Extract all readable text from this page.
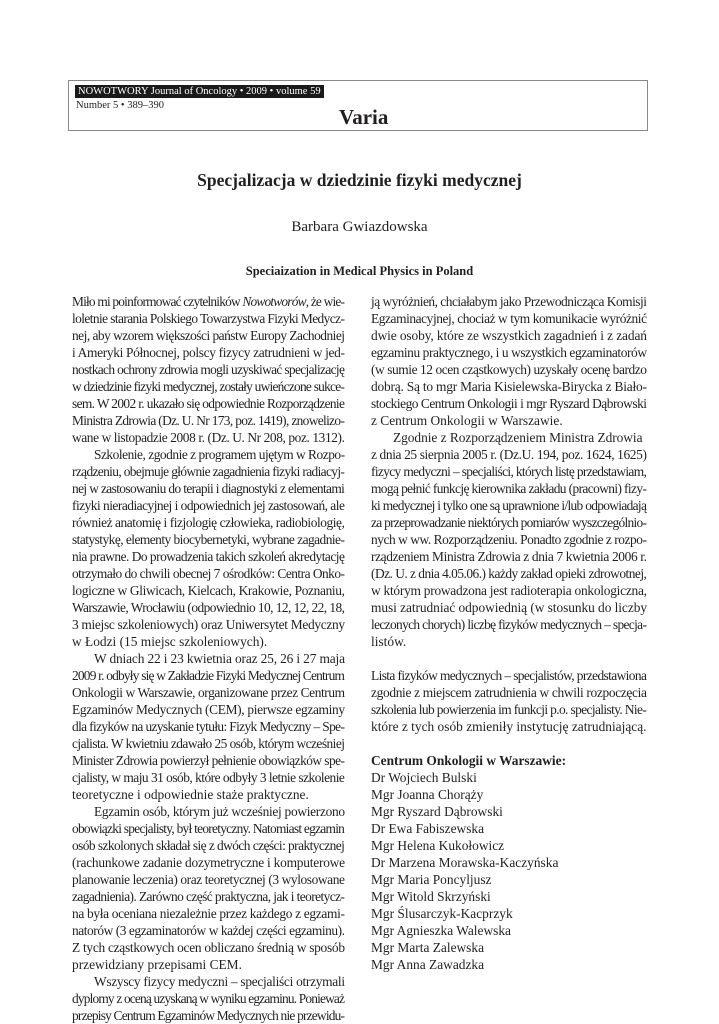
NOWOTWORY Journal of Oncology • 2009 • volume 59
Number 5 • 389–390	Varia
Specjalizacja w dziedzinie fizyki medycznej
Barbara Gwiazdowska
Speciaization in Medical Physics in Poland
Miło mi poinformować czytelników Nowotworów, że wie-
loletnie starania Polskiego Towarzystwa Fizyki Medycz-
nej, aby wzorem większości państw Europy Zachodniej
i Ameryki Północnej, polscy fizycy zatrudnieni w jed-
nostkach ochrony zdrowia mogli uzyskiwać specjalizację
w dziedzinie fizyki medycznej, zostały uwieńczone sukce-
sem. W 2002 r. ukazało się odpowiednie Rozporządzenie
Ministra Zdrowia (Dz. U. Nr 173, poz. 1419), znowelizo-
wane w listopadzie 2008 r. (Dz. U. Nr 208, poz. 1312).
Szkolenie, zgodnie z programem ujętym w Rozpo-
rządzeniu, obejmuje głównie zagadnienia fizyki radiacyj-
nej w zastosowaniu do terapii i diagnostyki z elementami
fizyki nieradiacyjnej i odpowiednich jej zastosowań, ale
również anatomię i fizjologię człowieka, radiobiologię,
statystykę, elementy biocybernetyki, wybrane zagadnie-
nia prawne. Do prowadzenia takich szkoleń akredytację
otrzymało do chwili obecnej 7 ośrodków: Centra Onko-
logiczne w Gliwicach, Kielcach, Krakowie, Poznaniu,
Warszawie, Wrocławiu (odpowiednio 10, 12, 12, 22, 18,
3 miejsc szkoleniowych) oraz Uniwersytet Medyczny
w Łodzi (15 miejsc szkoleniowych).
W dniach 22 i 23 kwietnia oraz 25, 26 i 27 maja
2009 r. odbyły się w Zakładzie Fizyki Medycznej Centrum
Onkologii w Warszawie, organizowane przez Centrum
Egzaminów Medycznych (CEM), pierwsze egzaminy
dla fizyków na uzyskanie tytułu: Fizyk Medyczny – Spe-
cjalista. W kwietniu zdawało 25 osób, którym wcześniej
Minister Zdrowia powierzył pełnienie obowiązków spe-
cjalisty, w maju 31 osób, które odbyły 3 letnie szkolenie
teoretyczne i odpowiednie staże praktyczne.
Egzamin osób, którym już wcześniej powierzono
obowiązki specjalisty, był teoretyczny. Natomiast egzamin
osób szkolonych składał się z dwóch części: praktycznej
(rachunkowe zadanie dozymetryczne i komputerowe
planowanie leczenia) oraz teoretycznej (3 wylosowane
zagadnienia). Zarówno część praktyczna, jak i teoretycz-
na była oceniana niezależnie przez każdego z egzami-
natorów (3 egzaminatorów w każdej części egzaminu).
Z tych cząstkowych ocen obliczano średnią w sposób
przewidziany przepisami CEM.
Wszyscy fizycy medyczni – specjaliści otrzymali
dyplomy z oceną uzyskaną w wyniku egzaminu. Ponieważ
przepisy Centrum Egzaminów Medycznych nie przewidu-
ją wyróżnień, chciałabym jako Przewodnicząca Komisji
Egzaminacyjnej, chociaż w tym komunikacie wyróżnić
dwie osoby, które ze wszystkich zagadnień i z zadań
egzaminu praktycznego, i u wszystkich egzaminatorów
(w sumie 12 ocen cząstkowych) uzyskały ocenę bardzo
dobrą. Są to mgr Maria Kisielewska-Birycka z Biało-
stockiego Centrum Onkologii i mgr Ryszard Dąbrowski
z Centrum Onkologii w Warszawie.
Zgodnie z Rozporządzeniem Ministra Zdrowia
z dnia 25 sierpnia 2005 r. (Dz.U. 194, poz. 1624, 1625)
fizycy medyczni – specjaliści, których listę przedstawiam,
mogą pełnić funkcję kierownika zakładu (pracowni) fizy-
ki medycznej i tylko one są uprawnione i/lub odpowiadają
za przeprowadzanie niektórych pomiarów wyszczególnio-
nych w ww. Rozporządzeniu. Ponadto zgodnie z rozpo-
rządzeniem Ministra Zdrowia z dnia 7 kwietnia 2006 r.
(Dz. U. z dnia 4.05.06.) każdy zakład opieki zdrowotnej,
w którym prowadzona jest radioterapia onkologiczna,
musi zatrudniać odpowiednią (w stosunku do liczby
leczonych chorych) liczbę fizyków medycznych – specja-
listów.
Lista fizyków medycznych – specjalistów, przedstawiona
zgodnie z miejscem zatrudnienia w chwili rozpoczęcia
szkolenia lub powierzenia im funkcji p.o. specjalisty. Nie-
które z tych osób zmieniły instytucję zatrudniającą.
Centrum Onkologii w Warszawie:
Dr Wojciech Bulski
Mgr Joanna Chorąży
Mgr Ryszard Dąbrowski
Dr Ewa Fabiszewska
Mgr Helena Kukołowicz
Dr Marzena Morawska-Kaczyńska
Mgr Maria Poncyljusz
Mgr Witold Skrzyński
Mgr Ślusarczyk-Kacprzyk
Mgr Agnieszka Walewska
Mgr Marta Zalewska
Mgr Anna Zawadzka
